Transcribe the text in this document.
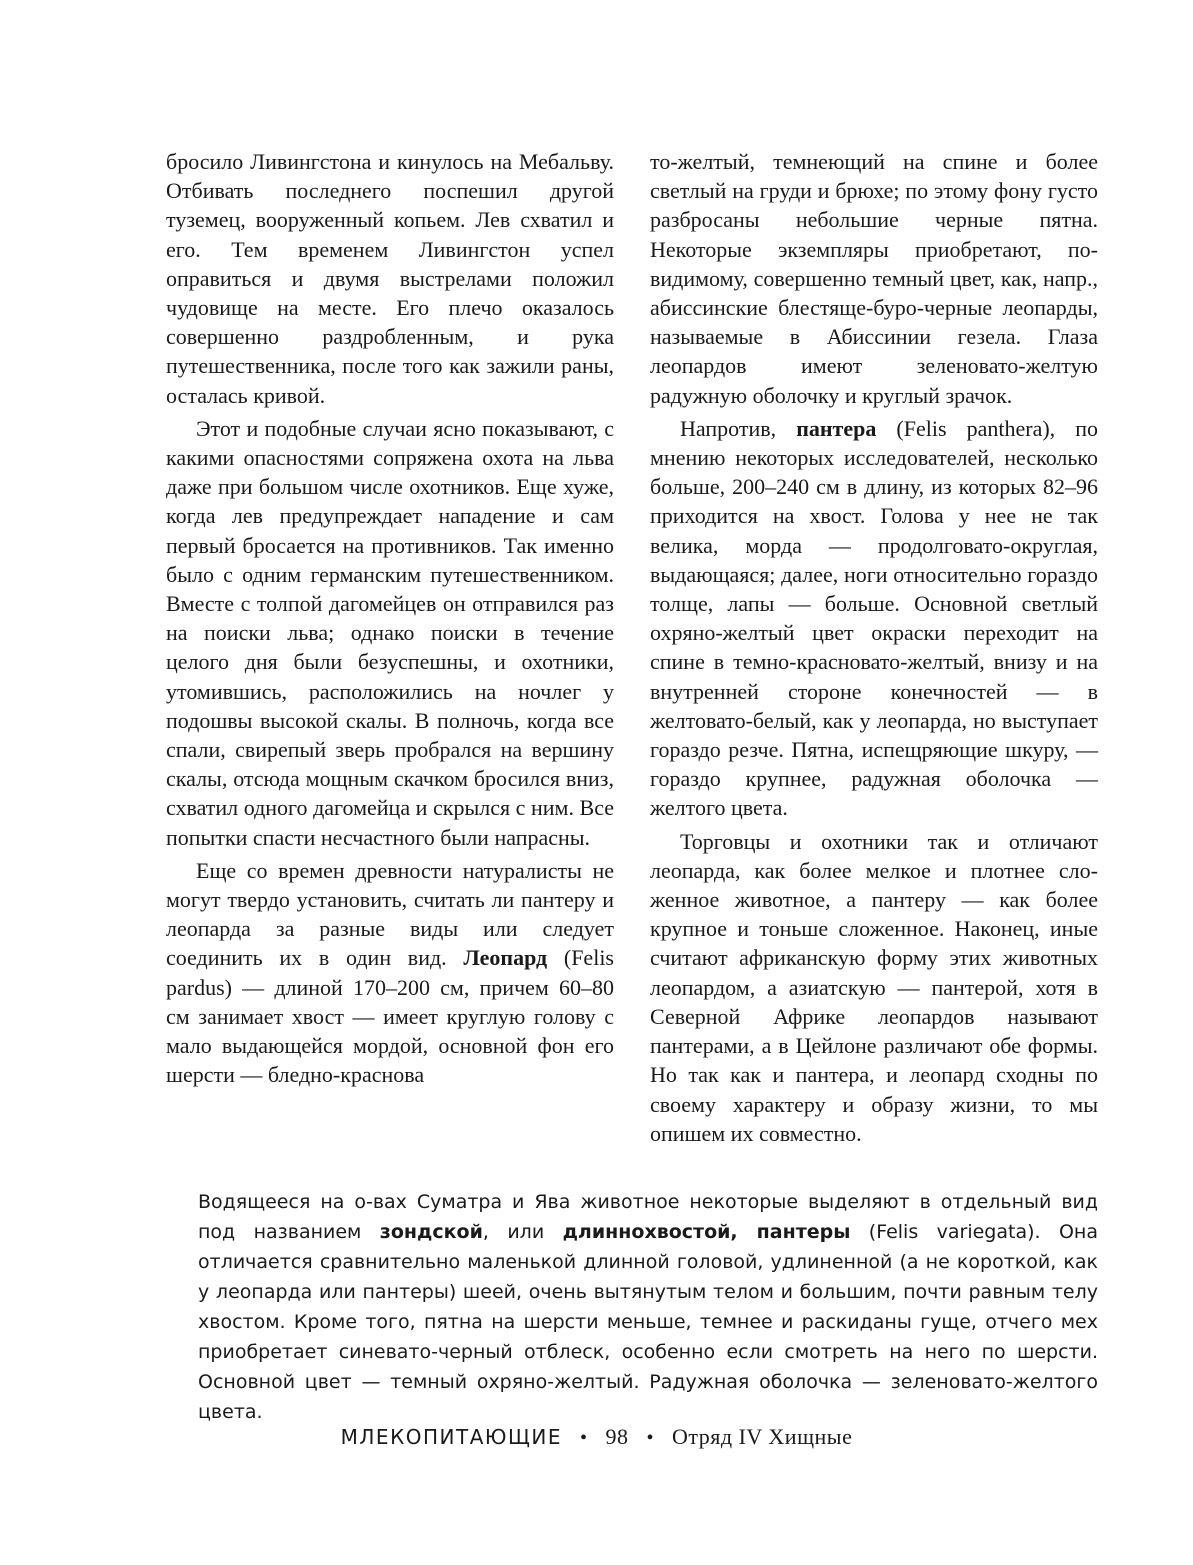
бросило Ливингстона и кинулось на Мебальву. Отбивать последнего поспешил другой туземец, вооруженный копьем. Лев схватил и его. Тем временем Ливингстон успел оправиться и двумя выстрелами положил чудовище на месте. Его плечо оказалось совершенно раздробленным, и рука путешественника, после того как зажили раны, осталась кривой.

Этот и подобные случаи ясно показывают, с какими опасностями сопряжена охота на льва даже при большом числе охотников. Еще хуже, когда лев предупреждает нападение и сам первый бросается на противников. Так именно было с одним германским путешественником. Вместе с толпой дагомейцев он отправился раз на поиски льва; однако поиски в течение целого дня были безуспешны, и охотники, утомившись, расположились на ночлег у подошвы высокой скалы. В полночь, когда все спали, свирепый зверь пробрался на вершину скалы, отсюда мощным скачком бросился вниз, схватил одного дагомейца и скрылся с ним. Все попытки спасти несчастного были напрасны.

Еще со времен древности натуралисты не могут твердо установить, считать ли пантеру и леопарда за разные виды или следует соединить их в один вид. Леопард (Felis pardus) — длиной 170–200 см, причем 60–80 см занимает хвост — имеет круглую голову с мало выдающейся мордой, основной фон его шерсти — бледно-краснова

то-желтый, темнеющий на спине и более светлый на груди и брюхе; по этому фону густо разбросаны небольшие черные пятна. Некоторые экземпляры приобретают, по-видимому, совершенно темный цвет, как, напр., абиссинские блестяще-буро-черные леопарды, называемые в Абиссинии гезела. Глаза леопардов имеют зеленовато-желтую радужную оболочку и круглый зрачок.

Напротив, пантера (Felis panthera), по мнению некоторых исследователей, несколько больше, 200–240 см в длину, из которых 82–96 приходится на хвост. Голова у нее не так велика, морда — продолговато-округлая, выдающаяся; далее, ноги относительно гораздо толще, лапы — больше. Основной светлый охряно-желтый цвет окраски переходит на спине в темно-красновато-желтый, внизу и на внутренней стороне конечностей — в желтовато-белый, как у леопарда, но выступает гораздо резче. Пятна, испещряющие шкуру, — гораздо крупнее, радужная оболочка — желтого цвета.

Торговцы и охотники так и отличают леопарда, как более мелкое и плотнее сложенное животное, а пантеру — как более крупное и тоньше сложенное. Наконец, иные считают африканскую форму этих животных леопардом, а азиатскую — пантерой, хотя в Северной Африке леопардов называют пантерами, а в Цейлоне различают обе формы. Но так как и пантера, и леопард сходны по своему характеру и образу жизни, то мы опишем их совместно.

Водящееся на о-вах Суматра и Ява животное некоторые выделяют в отдельный вид под названием зондской, или длиннохвостой, пантеры (Felis variegata). Она отличается сравнительно маленькой длинной головой, удлиненной (а не короткой, как у леопарда или пантеры) шеей, очень вытянутым телом и большим, почти равным телу хвостом. Кроме того, пятна на шерсти меньше, темнее и раскиданы гуще, отчего мех приобретает синевато-черный отблеск, особенно если смотреть на него по шерсти. Основной цвет — темный охряно-желтый. Радужная оболочка — зеленовато-желтого цвета.

МЛЕКОПИТАЮЩИЕ • 98 • Отряд IV Хищные
